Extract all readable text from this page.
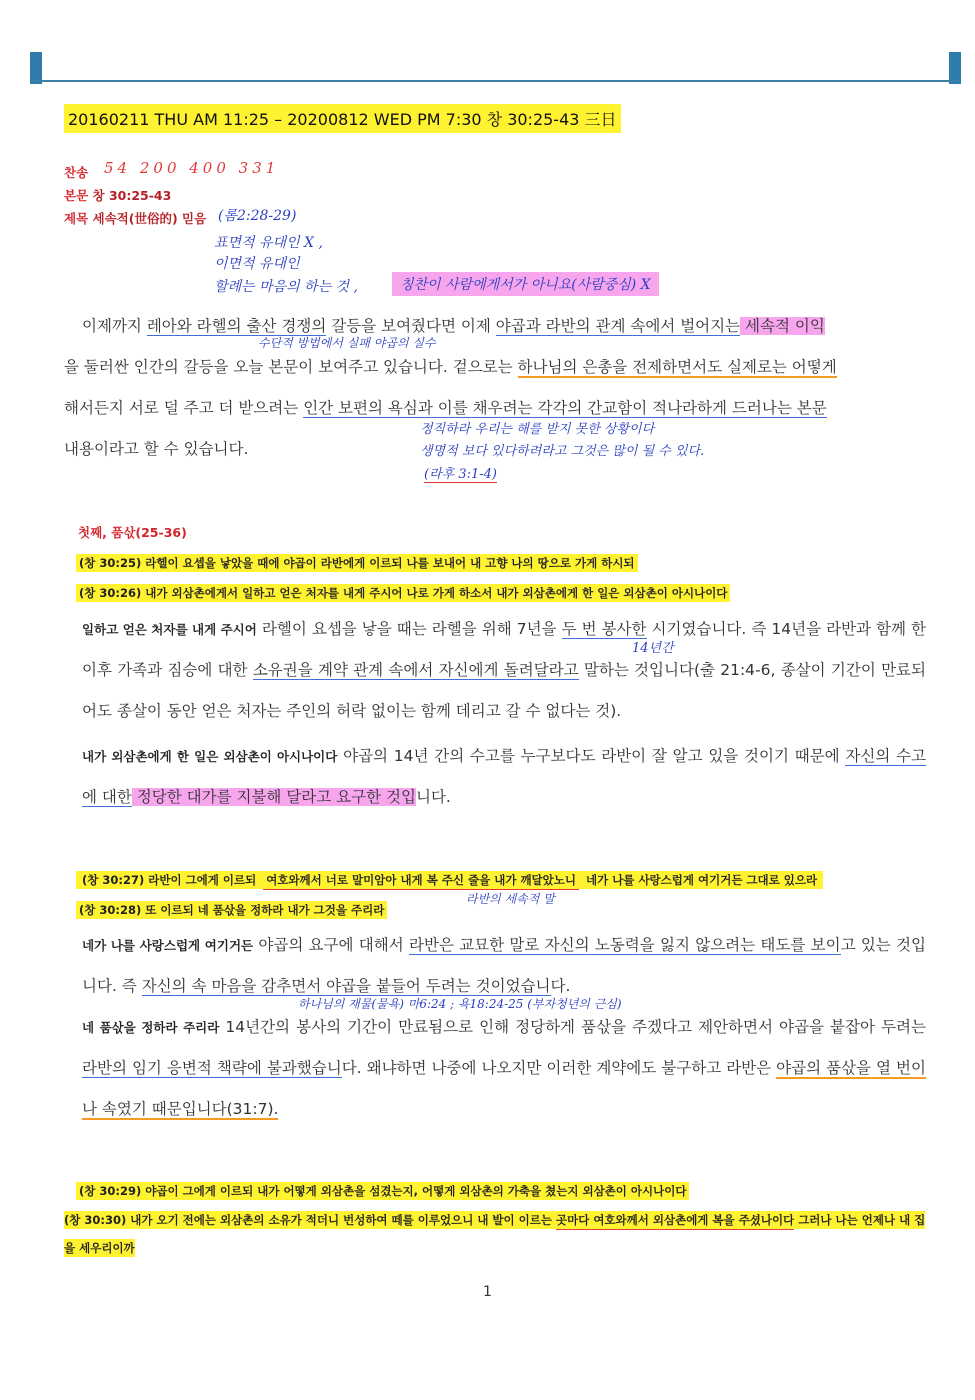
20160211 THU AM 11:25 – 20200812 WED PM 7:30 창 30:25-43 三日
찬송 54 200 400 331
본문 창 30:25-43
제목 세속적(世俗的) 믿음 (롬2:28-29)
표면적 유대인 X ,
이면적 유대인
할례는 마음의 하는 것 ,	칭찬이 사람에게서가 아니요(사람중심) X

이제까지 레아와 라헬의 출산 경쟁의 갈등을 보여줬다면 이제 야곱과 라반의 관계 속에서 벌어지는 세속적 이익

을 둘러싼 인간의 갈등을 오늘 본문이 보여주고 있습니다. 겉으로는 하나님의 은총을 전제하면서도 실제로는 어떻게

해서든지 서로 덜 주고 더 받으려는 인간 보편의 욕심과 이를 채우려는 각각의 간교함이 적나라하게 드러나는 본문

내용이라고 할 수 있습니다.

수단적 방법에서 실패 야곱의 실수
정직하라 우리는 해를 받지 못한 상황이다
생명적 보다 있다하려라고 그것은 많이 될 수 있다.
(라후 3:1-4)
첫째, 품삯(25-36)
(창 30:25) 라헬이 요셉을 낳았을 때에 야곱이 라반에게 이르되 나를 보내어 내 고향 나의 땅으로 가게 하시되
(창 30:26) 내가 외삼촌에게서 일하고 얻은 처자를 내게 주시어 나로 가게 하소서 내가 외삼촌에게 한 일은 외삼촌이 아시나이다

일하고 얻은 처자를 내게 주시어 라헬이 요셉을 낳을 때는 라헬을 위해 7년을 두 번 봉사한 시기였습니다. 즉 14년을 라반과 함께 한 이후 가족과 짐승에 대한 소유권을 계약 관계 속에서 자신에게 돌려달라고 말하는 것입니다(출 21:4-6, 종살이 기간이 만료되어도 종살이 동안 얻은 처자는 주인의 허락 없이는 함께 데리고 갈 수 없다는 것).

내가 외삼촌에게 한 일은 외삼촌이 아시나이다 야곱의 14년 간의 수고를 누구보다도 라반이 잘 알고 있을 것이기 때문에 자신의 수고에 대한 정당한 대가를 지불해 달라고 요구한 것입니다.

14년간
(창 30:27) 라반이 그에게 이르되 여호와께서 너로 말미암아 내게 복 주신 줄을 내가 깨달았노니 네가 나를 사랑스럽게 여기거든 그대로 있으라
(창 30:28) 또 이르되 네 품삯을 정하라 내가 그것을 주리라
라반의 세속적 말

네가 나를 사랑스럽게 여기거든 야곱의 요구에 대해서 라반은 교묘한 말로 자신의 노동력을 잃지 않으려는 태도를 보이고 있는 것입니다. 즉 자신의 속 마음을 감추면서 야곱을 붙들어 두려는 것이었습니다.

네 품삯을 정하라 주리라 14년간의 봉사의 기간이 만료됨으로 인해 정당하게 품삯을 주겠다고 제안하면서 야곱을 붙잡아 두려는 라반의 임기 응변적 책략에 불과했습니다. 왜냐하면 나중에 나오지만 이러한 계약에도 불구하고 라반은 야곱의 품삯을 열 번이나 속였기 때문입니다(31:7).

하나님의 재물(물욕) 마6:24 ; 욕18:24-25 (부자청년의 근심)
(창 30:29) 야곱이 그에게 이르되 내가 어떻게 외삼촌을 섬겼는지, 어떻게 외삼촌의 가축을 쳤는지 외삼촌이 아시나이다
(창 30:30) 내가 오기 전에는 외삼촌의 소유가 적더니 번성하여 떼를 이루었으니 내 발이 이르는 곳마다 여호와께서 외삼촌에게 복을 주셨나이다 그러나 나는 언제나 내 집을 세우리이까
1
